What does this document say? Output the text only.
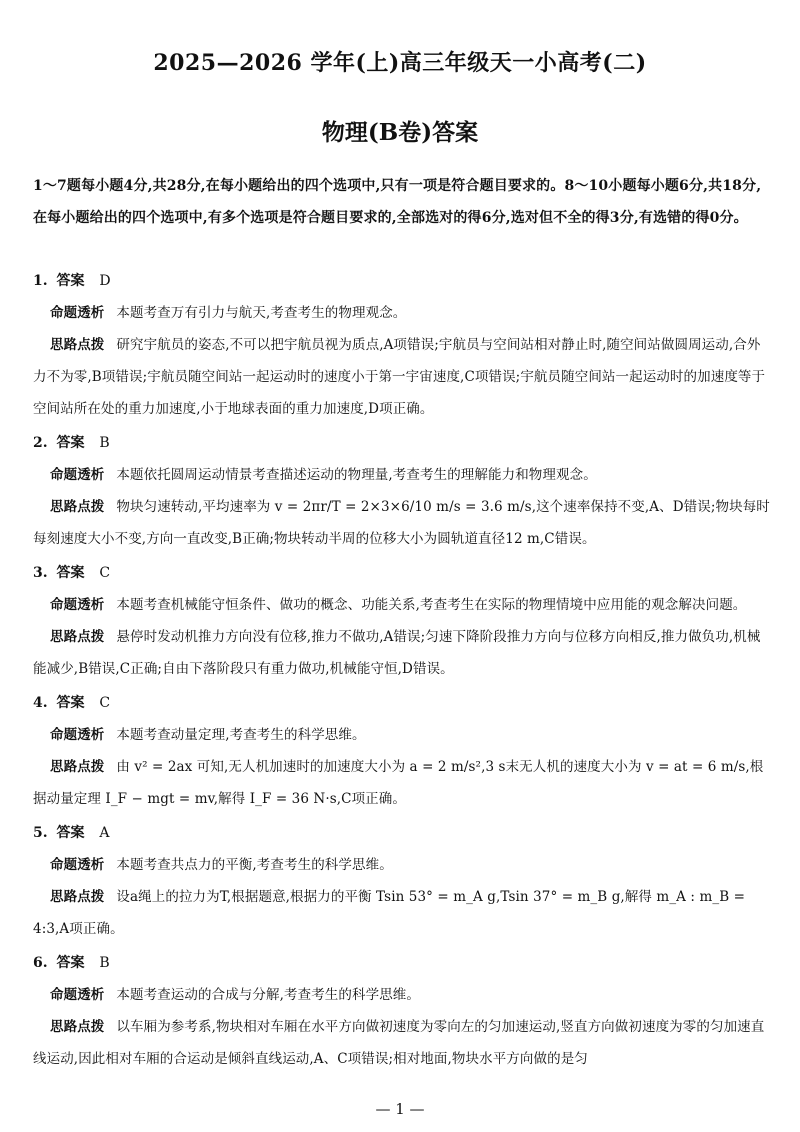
2025—2026 学年(上)高三年级天一小高考(二)
物理(B卷)答案
1～7题每小题4分,共28分,在每小题给出的四个选项中,只有一项是符合题目要求的。8～10小题每小题6分,共18分,在每小题给出的四个选项中,有多个选项是符合题目要求的,全部选对的得6分,选对但不全的得3分,有选错的得0分。
1. 答案 D
命题透析 本题考查万有引力与航天,考查考生的物理观念。
思路点拨 研究宇航员的姿态,不可以把宇航员视为质点,A项错误;宇航员与空间站相对静止时,随空间站做圆周运动,合外力不为零,B项错误;宇航员随空间站一起运动时的速度小于第一宇宙速度,C项错误;宇航员随空间站一起运动时的加速度等于空间站所在处的重力加速度,小于地球表面的重力加速度,D项正确。
2. 答案 B
命题透析 本题依托圆周运动情景考查描述运动的物理量,考查考生的理解能力和物理观念。
思路点拨 物块匀速转动,平均速率为 v = 2πr/T = 2×3×6/10 m/s = 3.6 m/s,这个速率保持不变,A、D错误;物块每时每刻速度大小不变,方向一直改变,B正确;物块转动半周的位移大小为圆轨道直径12 m,C错误。
3. 答案 C
命题透析 本题考查机械能守恒条件、做功的概念、功能关系,考查考生在实际的物理情境中应用能的观念解决问题。
思路点拨 悬停时发动机推力方向没有位移,推力不做功,A错误;匀速下降阶段推力方向与位移方向相反,推力做负功,机械能减少,B错误,C正确;自由下落阶段只有重力做功,机械能守恒,D错误。
4. 答案 C
命题透析 本题考查动量定理,考查考生的科学思维。
思路点拨 由 v² = 2ax 可知,无人机加速时的加速度大小为 a = 2 m/s²,3 s末无人机的速度大小为 v = at = 6 m/s,根据动量定理 I_F − mgt = mv,解得 I_F = 36 N·s,C项正确。
5. 答案 A
命题透析 本题考查共点力的平衡,考查考生的科学思维。
思路点拨 设a绳上的拉力为T,根据题意,根据力的平衡 Tsin 53° = m_A g,Tsin 37° = m_B g,解得 m_A : m_B = 4:3,A项正确。
6. 答案 B
命题透析 本题考查运动的合成与分解,考查考生的科学思维。
思路点拨 以车厢为参考系,物块相对车厢在水平方向做初速度为零向左的匀加速运动,竖直方向做初速度为零的匀加速直线运动,因此相对车厢的合运动是倾斜直线运动,A、C项错误;相对地面,物块水平方向做的是匀
— 1 —
